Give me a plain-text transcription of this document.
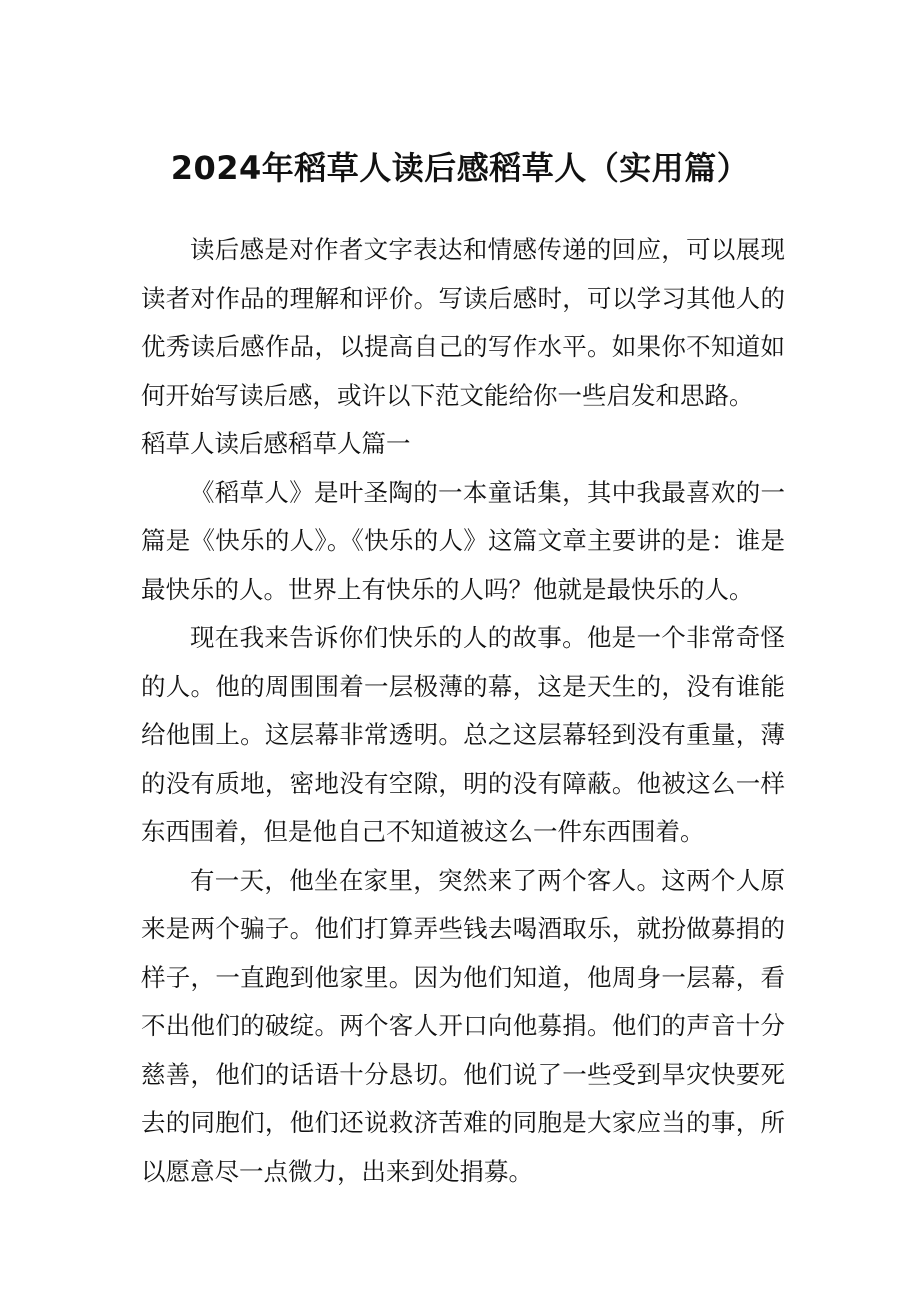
2024年稻草人读后感稻草人（实用篇）

读后感是对作者文字表达和情感传递的回应，可以展现读者对作品的理解和评价。写读后感时，可以学习其他人的优秀读后感作品，以提高自己的写作水平。如果你不知道如何开始写读后感，或许以下范文能给你一些启发和思路。

稻草人读后感稻草人篇一

《稻草人》是叶圣陶的一本童话集，其中我最喜欢的一篇是《快乐的人》。《快乐的人》这篇文章主要讲的是：谁是最快乐的人。世界上有快乐的人吗？他就是最快乐的人。

现在我来告诉你们快乐的人的故事。他是一个非常奇怪的人。他的周围围着一层极薄的幕，这是天生的，没有谁能给他围上。这层幕非常透明。总之这层幕轻到没有重量，薄的没有质地，密地没有空隙，明的没有障蔽。他被这么一样东西围着，但是他自己不知道被这么一件东西围着。

有一天，他坐在家里，突然来了两个客人。这两个人原来是两个骗子。他们打算弄些钱去喝酒取乐，就扮做募捐的样子，一直跑到他家里。因为他们知道，他周身一层幕，看不出他们的破绽。两个客人开口向他募捐。他们的声音十分慈善，他们的话语十分恳切。他们说了一些受到旱灾快要死去的同胞们，他们还说救济苦难的同胞是大家应当的事，所以愿意尽一点微力，出来到处捐募。
